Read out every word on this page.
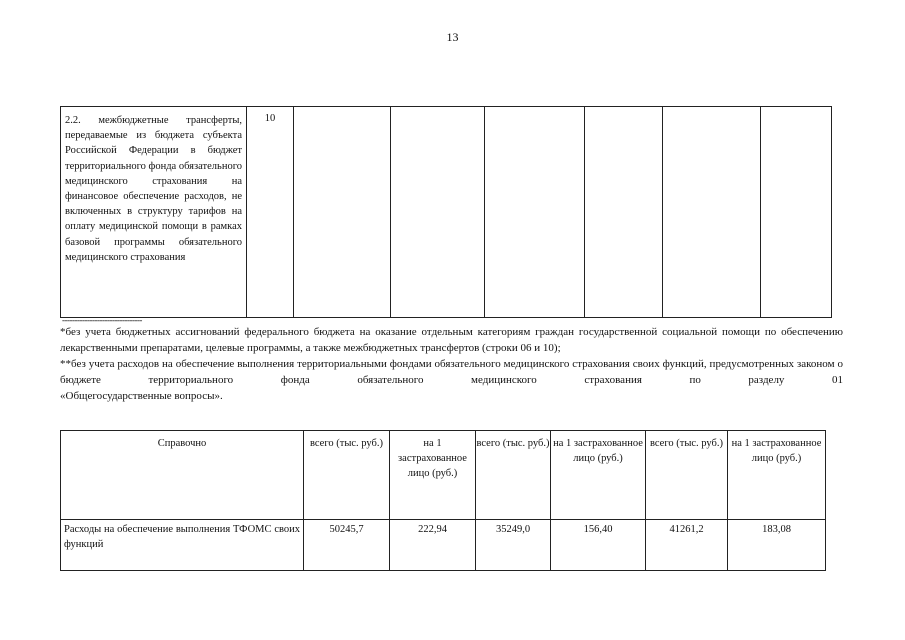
13
2.2. межбюджетные трансферты, передаваемые из бюджета субъекта Российской Федерации в бюджет территориального фонда обязательного медицинского страхования на финансовое обеспечение расходов, не включенных в структуру тарифов на оплату медицинской помощи в рамках базовой программы обязательного медицинского страхования	10						
--------------------------------

*без учета бюджетных ассигнований федерального бюджета на оказание отдельным категориям граждан государственной социальной помощи по обеспечению лекарственными препаратами, целевые программы, а также межбюджетных трансфертов (строки 06 и 10);

**без учета расходов на обеспечение выполнения территориальными фондами обязательного медицинского страхования своих функций, предусмотренных законом о бюджете территориального фонда обязательного медицинского страхования по разделу 01

«Общегосударственные вопросы».

Справочно	всего (тыс. руб.)	на 1 застрахованное лицо (руб.)	всего (тыс. руб.)	на 1 застрахованное лицо (руб.)	всего (тыс. руб.)	на 1 застрахованное лицо (руб.)
Расходы на обеспечение выполнения ТФОМС своих функций	50245,7	222,94	35249,0	156,40	41261,2	183,08
